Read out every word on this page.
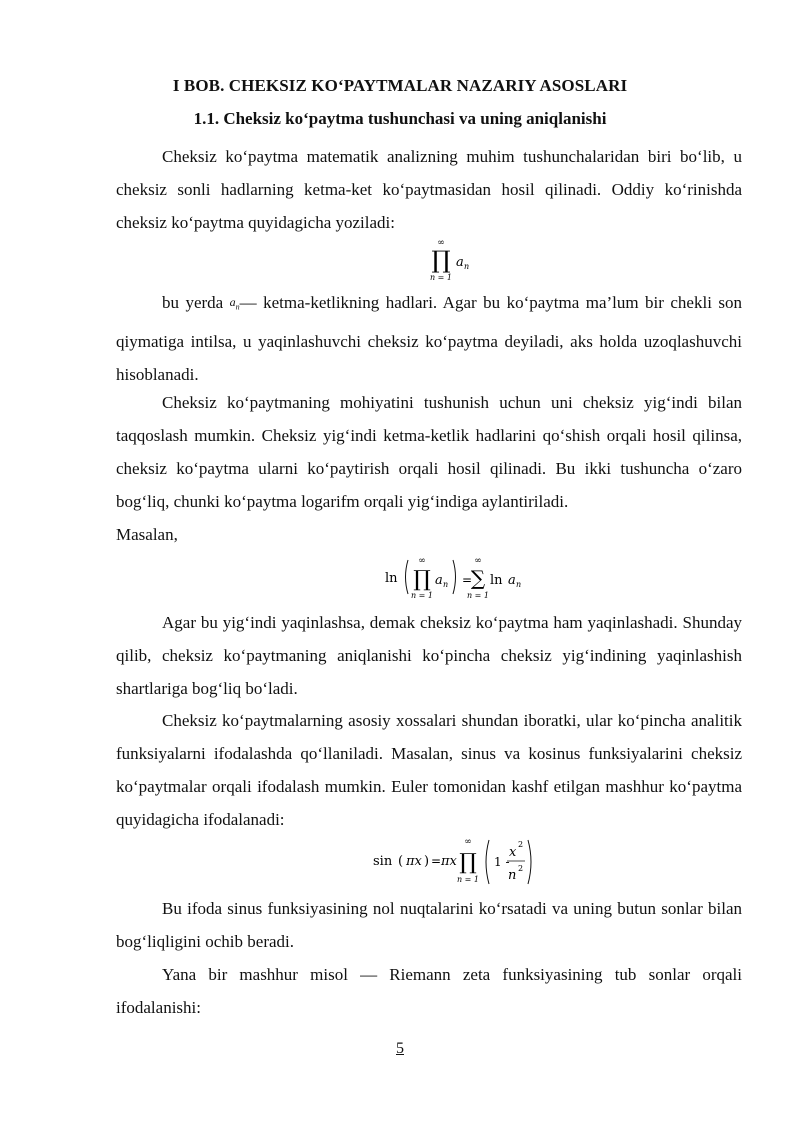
I BOB. CHEKSIZ KO‘PAYTMALAR NAZARIY ASOSLARI
1.1. Cheksiz ko‘paytma tushunchasi va uning aniqlanishi

Cheksiz ko‘paytma matematik analizning muhim tushunchalaridan biri bo‘lib, u cheksiz sonli hadlarning ketma-ket ko‘paytmasidan hosil qilinadi. Oddiy ko‘rinishda cheksiz ko‘paytma quyidagicha yoziladi:

∞
∏
n = 1
a n

bu yerda $a_n—$ ketma-ketlikning hadlari. Agar bu ko‘paytma ma’lum bir chekli son qiymatiga intilsa, u yaqinlashuvchi cheksiz ko‘paytma deyiladi, aks holda uzoqlashuvchi hisoblanadi.

Cheksiz ko‘paytmaning mohiyatini tushunish uchun uni cheksiz yig‘indi bilan taqqoslash mumkin. Cheksiz yig‘indi ketma-ketlik hadlarini qo‘shish orqali hosil qilinsa, cheksiz ko‘paytma ularni ko‘paytirish orqali hosil qilinadi. Bu ikki tushuncha o‘zaro bog‘liq, chunki ko‘paytma logarifm orqali yig‘indiga aylantiriladi.

Masalan,

ln
∞
∏
n = 1
a n =
∞
∑
n = 1
ln a n

Agar bu yig‘indi yaqinlashsa, demak cheksiz ko‘paytma ham yaqinlashadi. Shunday qilib, cheksiz ko‘paytmaning aniqlanishi ko‘pincha cheksiz yig‘indining yaqinlashish shartlariga bog‘liq bo‘ladi.

Cheksiz ko‘paytmalarning asosiy xossalari shundan iboratki, ular ko‘pincha analitik funksiyalarni ifodalashda qo‘llaniladi. Masalan, sinus va kosinus funksiyalarini cheksiz ko‘paytmalar orqali ifodalash mumkin. Euler tomonidan kashf etilgan mashhur ko‘paytma quyidagicha ifodalanadi:

sin ( πx ) = πx
∞
∏
n = 1
1 -
x
2
n 2

Bu ifoda sinus funksiyasining nol nuqtalarini ko‘rsatadi va uning butun sonlar bilan bog‘liqligini ochib beradi.

Yana bir mashhur misol — Riemann zeta funksiyasining tub sonlar orqali ifodalanishi:

5
